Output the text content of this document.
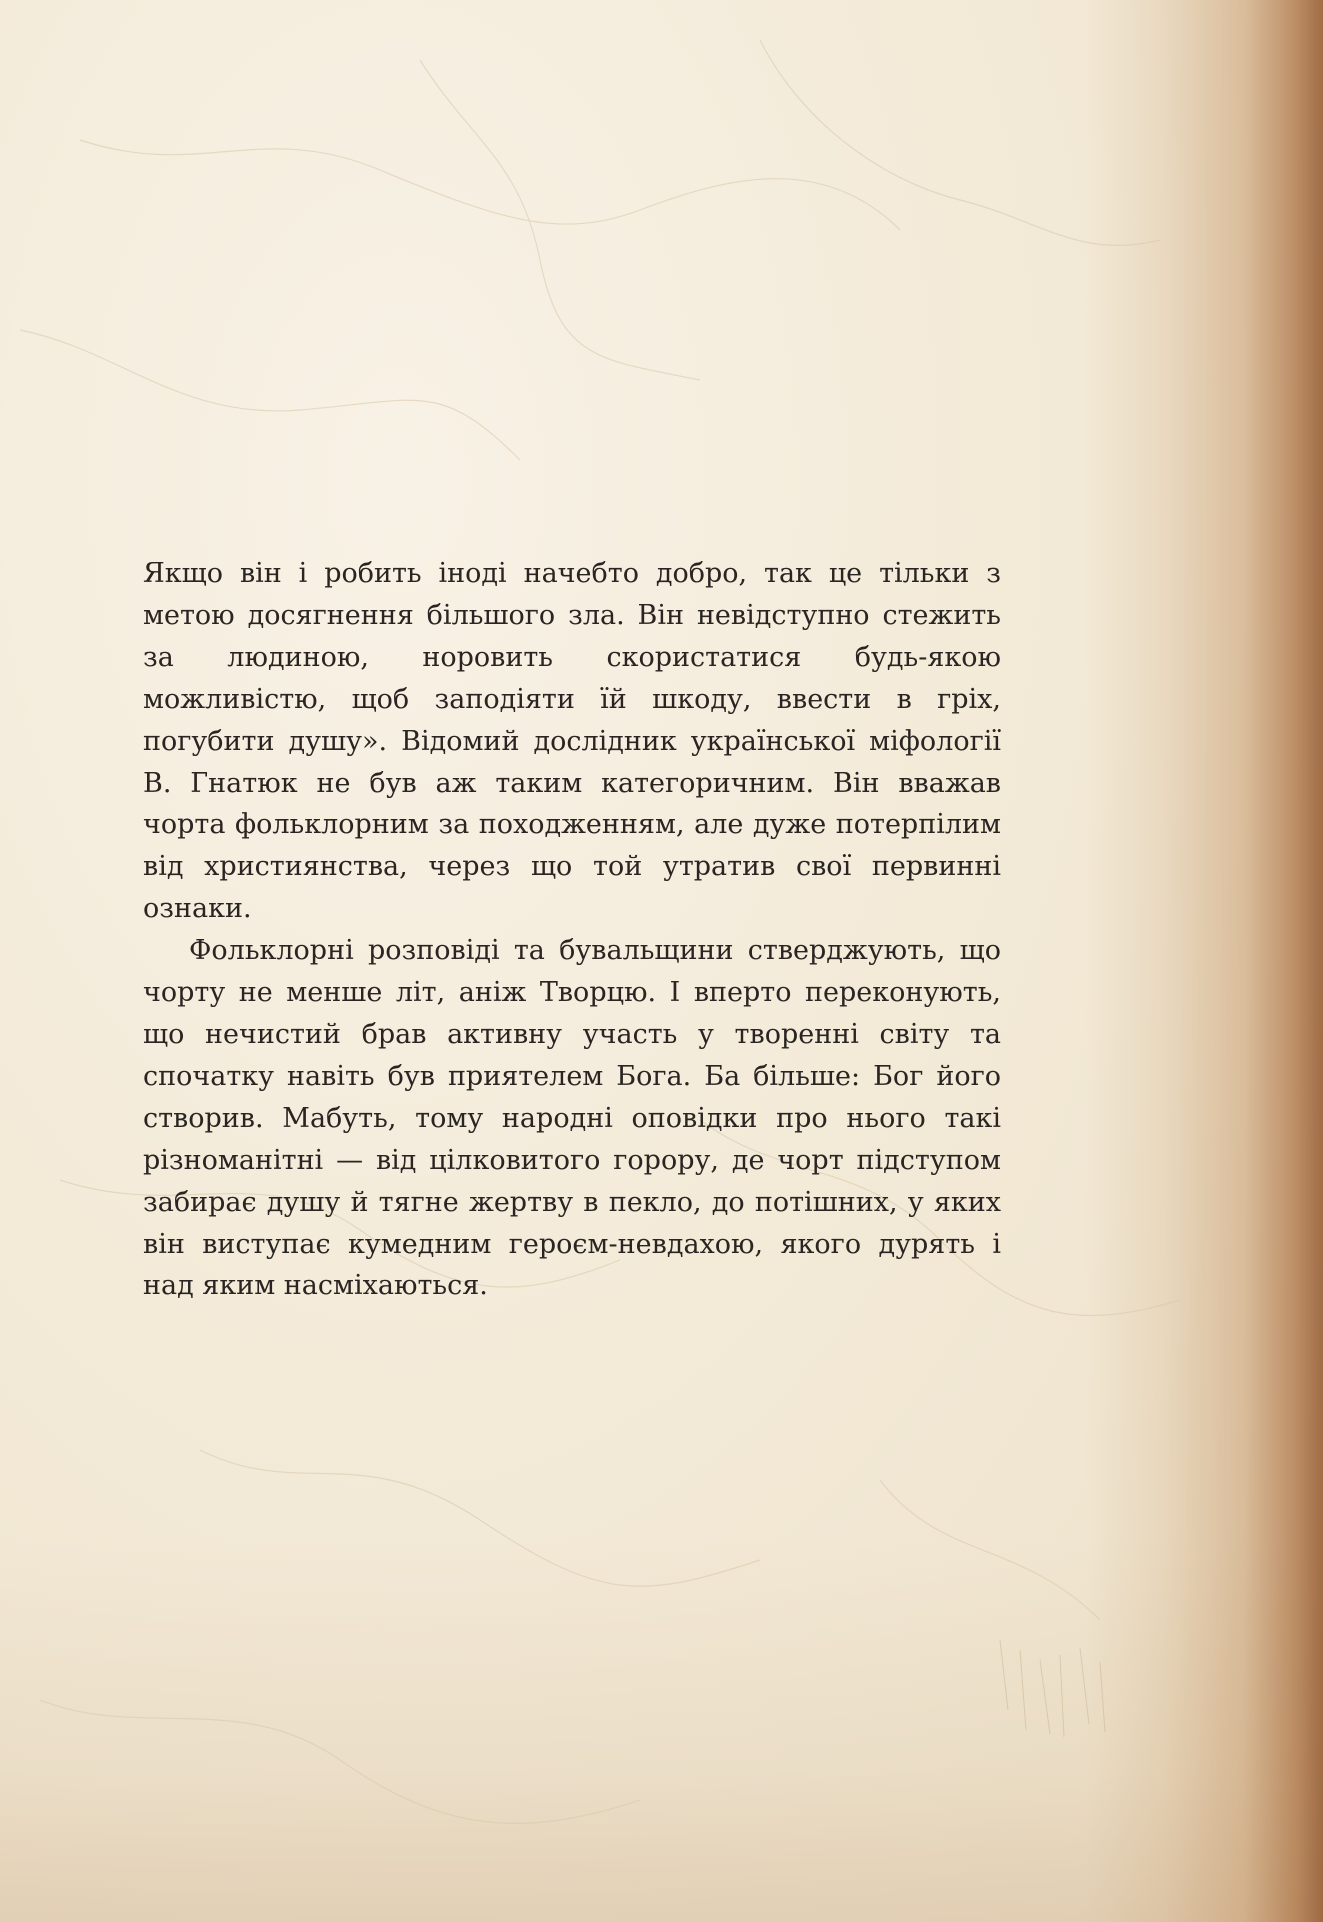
Якщо він і робить іноді начебто добро, так це тільки з метою досягнення більшого зла. Він невідступно стежить за людиною, норовить скористатися будь-якою можливістю, щоб заподіяти їй шкоду, ввести в гріх, погубити душу». Відомий дослідник української міфології В. Гнатюк не був аж таким категоричним. Він вважав чорта фольклорним за походженням, але дуже потерпілим від християнства, через що той утратив свої первинні ознаки.

Фольклорні розповіді та бувальщини стверджують, що чорту не менше літ, аніж Творцю. І вперто переконують, що нечистий брав активну участь у творенні світу та спочатку навіть був приятелем Бога. Ба більше: Бог його створив. Мабуть, тому народні оповідки про нього такі різноманітні — від цілковитого горору, де чорт підступом забирає душу й тягне жертву в пекло, до потішних, у яких він виступає кумедним героєм-невдахою, якого дурять і над яким насміхаються.
